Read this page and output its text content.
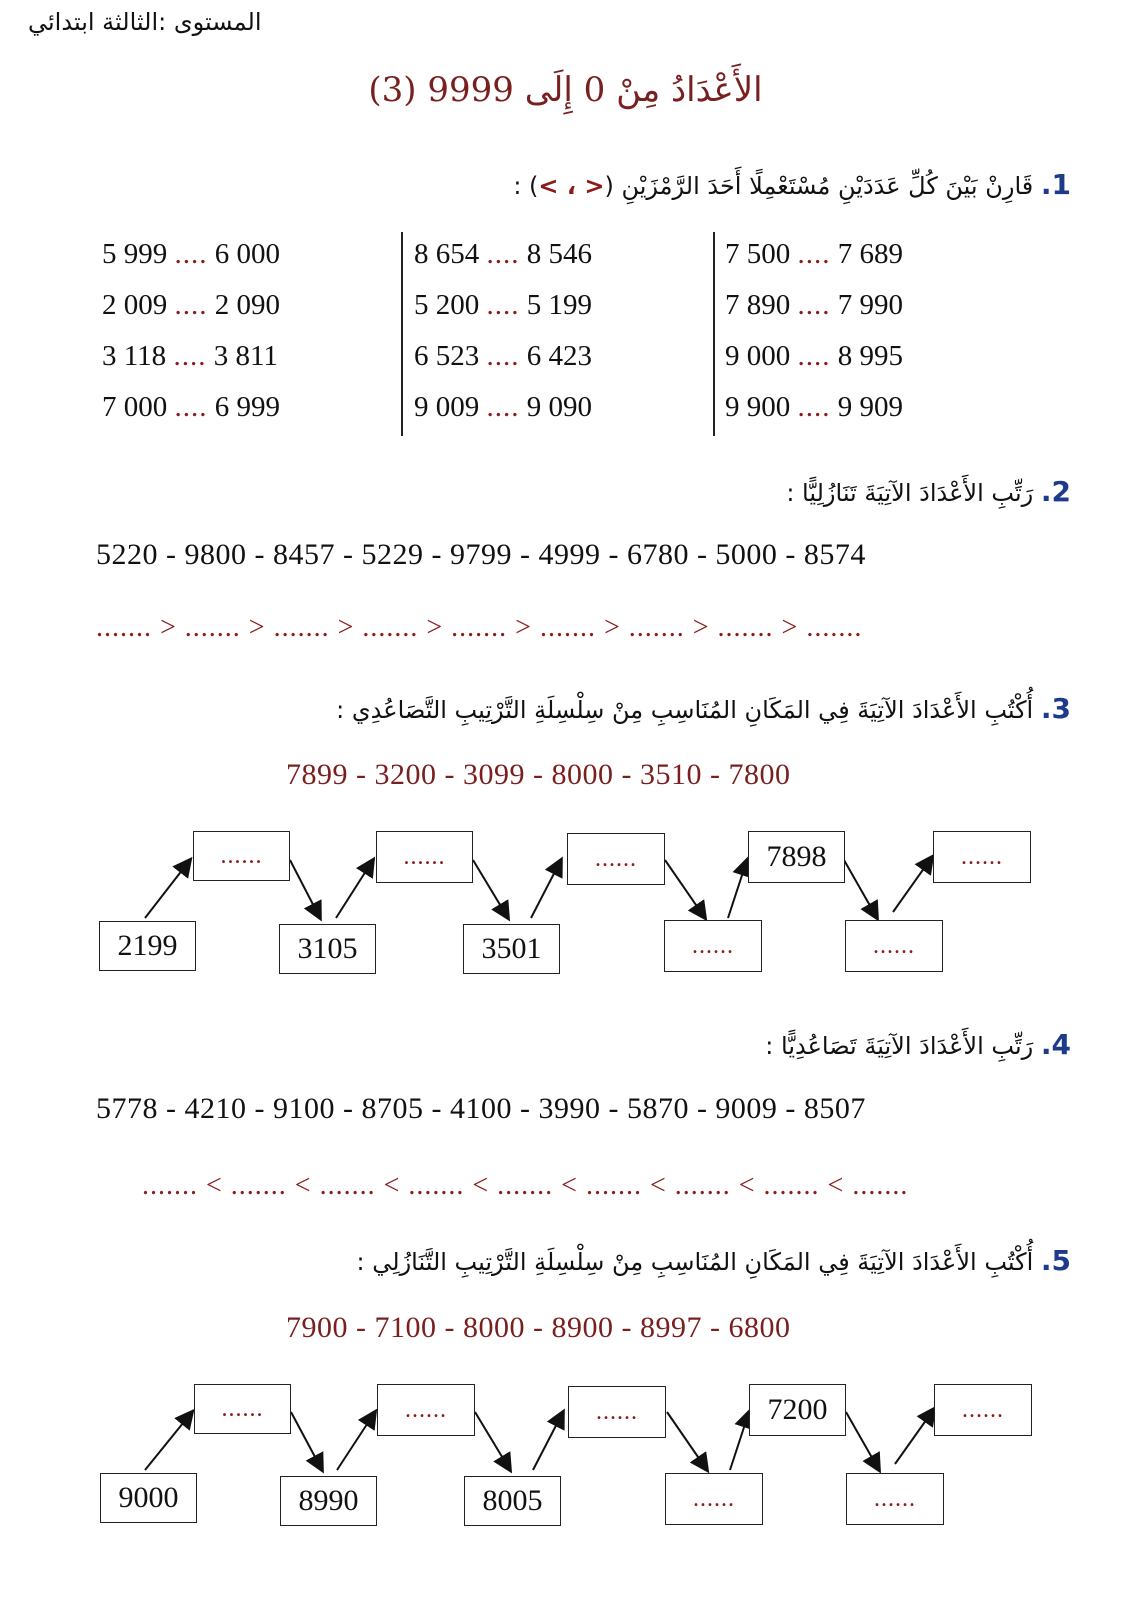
المستوى :الثالثة ابتدائي
الأَعْدَادُ مِنْ 0 إِلَى 9999 (3)
1. قَارِنْ بَيْنَ كُلِّ عَدَدَيْنِ مُسْتَعْمِلًا أَحَدَ الرَّمْزَيْنِ (< ، >) :
5 999 .... 6 000
2 009 .... 2 090
3 118 .... 3 811
7 000 .... 6 999
8 654 .... 8 546
5 200 .... 5 199
6 523 .... 6 423
9 009 .... 9 090
7 500 .... 7 689
7 890 .... 7 990
9 000 .... 8 995
9 900 .... 9 909
2. رَتِّبِ الأَعْدَادَ الآتِيَةَ تَنَازُلِيًّا :
5220 - 9800 - 8457 - 5229 - 9799 - 4999 - 6780 - 5000 - 8574
....... > ....... > ....... > ....... > ....... > ....... > ....... > ....... > .......
3. أُكْتُبِ الأَعْدَادَ الآتِيَةَ فِي المَكَانِ المُنَاسِبِ مِنْ سِلْسِلَةِ التَّرْتِيبِ التَّصَاعُدِي :
7899 - 3200 - 3099 - 8000 - 3510 - 7800
2199
......
3105
......
3501
......
......
7898
......
......
4. رَتِّبِ الأَعْدَادَ الآتِيَةَ تَصَاعُدِيًّا :
5778 - 4210 - 9100 - 8705 - 4100 - 3990 - 5870 - 9009 - 8507
....... < ....... < ....... < ....... < ....... < ....... < ....... < ....... < .......
5. أُكْتُبِ الأَعْدَادَ الآتِيَةَ فِي المَكَانِ المُنَاسِبِ مِنْ سِلْسِلَةِ التَّرْتِيبِ التَّنَازُلِي :
7900 - 7100 - 8000 - 8900 - 8997 - 6800
9000
......
8990
......
8005
......
......
7200
......
......
